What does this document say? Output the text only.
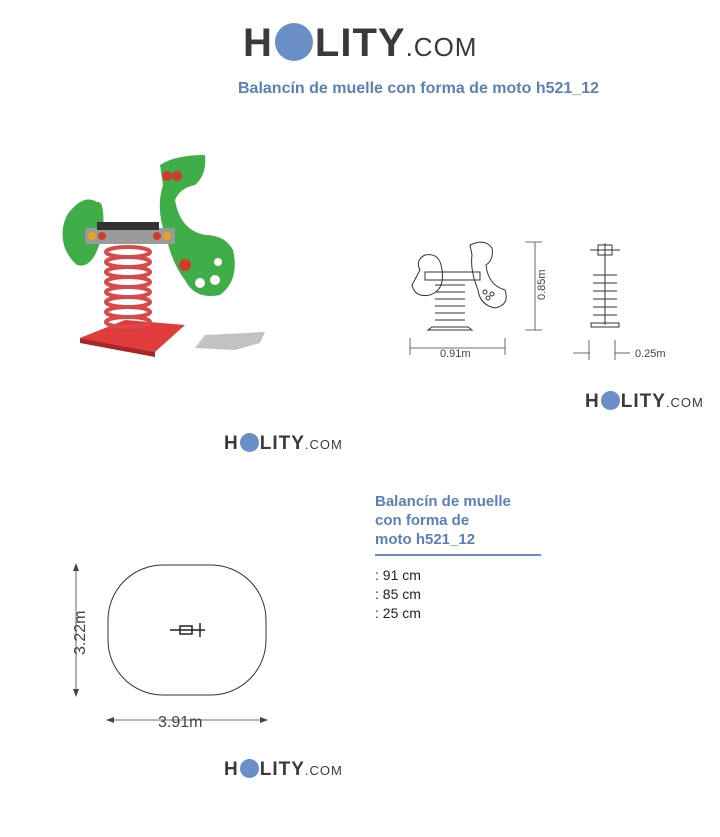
H LITY .COM
Balancín de muelle con forma de moto h521_12
0.91m
0.85m
0.25m
H LITY .COM
H LITY .COM
3.22m
3.91m
H LITY .COM
Balancín de muelle
con forma de
moto h521_12
: 91 cm
: 85 cm
: 25 cm
